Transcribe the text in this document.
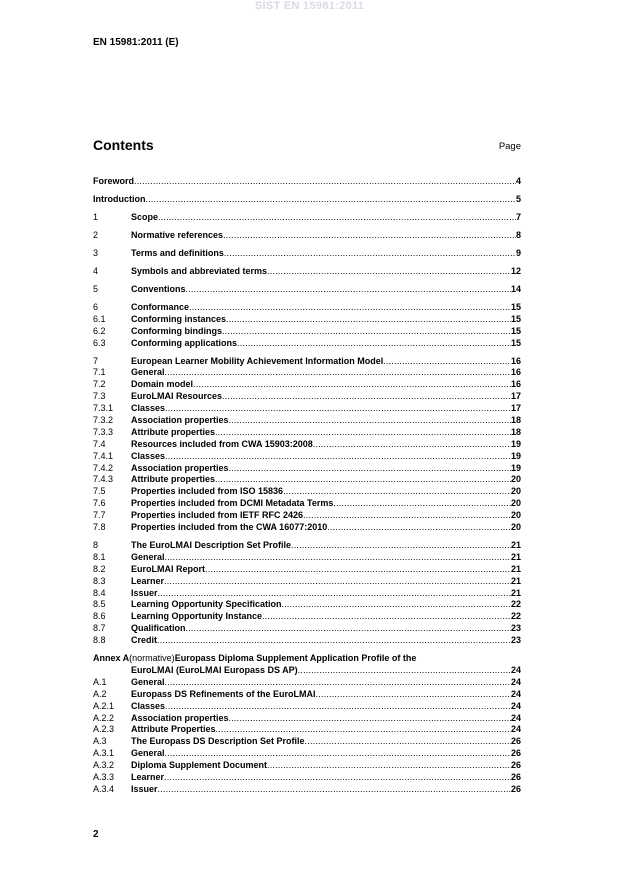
SIST EN 15981:2011
EN 15981:2011 (E)
Contents	Page
Foreword .....	4
Introduction .....	5
1	Scope .....	7
2	Normative references .....	8
3	Terms and definitions .....	9
4	Symbols and abbreviated terms .....	12
5	Conventions .....	14
6	Conformance .....	15
6.1	Conforming instances .....	15
6.2	Conforming bindings .....	15
6.3	Conforming applications .....	15
7	European Learner Mobility Achievement Information Model .....	16
7.1	General .....	16
7.2	Domain model .....	16
7.3	EuroLMAI Resources .....	17
7.3.1	Classes .....	17
7.3.2	Association properties .....	18
7.3.3	Attribute properties .....	18
7.4	Resources included from CWA 15903:2008 .....	19
7.4.1	Classes .....	19
7.4.2	Association properties .....	19
7.4.3	Attribute properties .....	20
7.5	Properties included from ISO 15836 .....	20
7.6	Properties included from DCMI Metadata Terms .....	20
7.7	Properties included from IETF RFC 2426 .....	20
7.8	Properties included from the CWA 16077:2010 .....	20
8	The EuroLMAI Description Set Profile .....	21
8.1	General .....	21
8.2	EuroLMAI Report .....	21
8.3	Learner .....	21
8.4	Issuer .....	21
8.5	Learning Opportunity Specification .....	22
8.6	Learning Opportunity Instance .....	22
8.7	Qualification .....	23
8.8	Credit .....	23
Annex A (normative) Europass Diploma Supplement Application Profile of the
EuroLMAI (EuroLMAI Europass DS AP) .....	24
A.1	General .....	24
A.2	Europass DS Refinements of the EuroLMAI .....	24
A.2.1	Classes .....	24
A.2.2	Association properties .....	24
A.2.3	Attribute Properties .....	24
A.3	The Europass DS Description Set Profile .....	26
A.3.1	General .....	26
A.3.2	Diploma Supplement Document .....	26
A.3.3	Learner .....	26
A.3.4	Issuer .....	26
2
